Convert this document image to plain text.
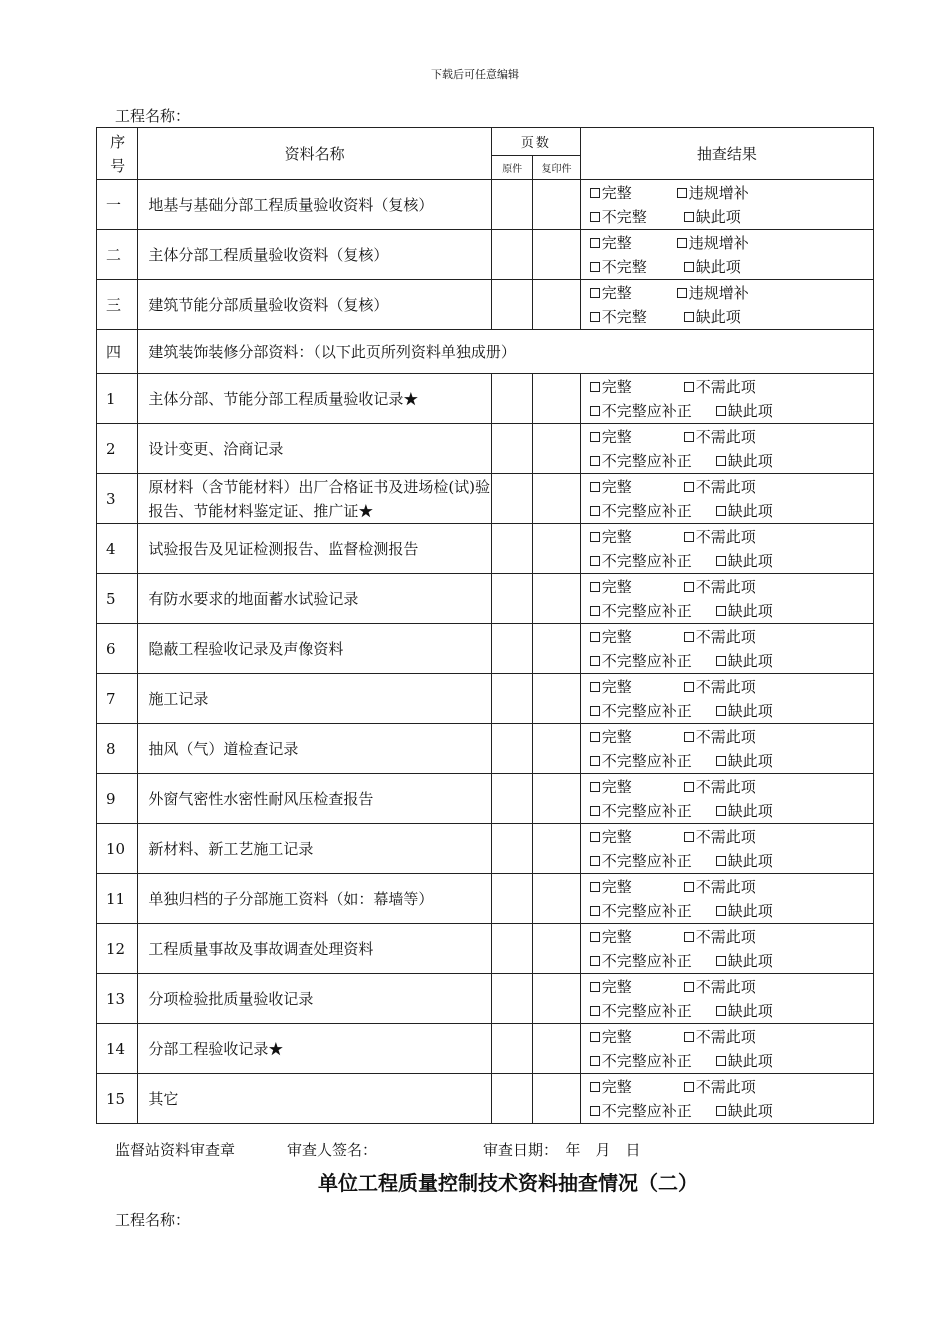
下载后可任意编辑
工程名称：
序号	资料名称	页数		抽查结果
		原件	复印件	
一	地基与基础分部工程质量验收资料（复核）			完整 违规增补
不完整 缺此项

二	主体分部工程质量验收资料（复核）			完整 违规增补
不完整 缺此项

三	建筑节能分部质量验收资料（复核）			完整 违规增补
不完整 缺此项

四	建筑装饰装修分部资料：（以下此页所列资料单独成册）			
1	主体分部、节能分部工程质量验收记录★			完整 不需此项
不完整应补正 缺此项

2	设计变更、洽商记录			完整 不需此项
不完整应补正 缺此项

3	原材料（含节能材料）出厂合格证书及进场检(试)验报告、节能材料鉴定证、推广证★			完整 不需此项
不完整应补正 缺此项

4	试验报告及见证检测报告、监督检测报告			完整 不需此项
不完整应补正 缺此项

5	有防水要求的地面蓄水试验记录			完整 不需此项
不完整应补正 缺此项

6	隐蔽工程验收记录及声像资料			完整 不需此项
不完整应补正 缺此项

7	施工记录			完整 不需此项
不完整应补正 缺此项

8	抽风（气）道检查记录			完整 不需此项
不完整应补正 缺此项

9	外窗气密性水密性耐风压检查报告			完整 不需此项
不完整应补正 缺此项

10	新材料、新工艺施工记录			完整 不需此项
不完整应补正 缺此项

11	单独归档的子分部施工资料（如：幕墙等）			完整 不需此项
不完整应补正 缺此项

12	工程质量事故及事故调查处理资料			完整 不需此项
不完整应补正 缺此项

13	分项检验批质量验收记录			完整 不需此项
不完整应补正 缺此项

14	分部工程验收记录★			完整 不需此项
不完整应补正 缺此项

15	其它			完整 不需此项
不完整应补正 缺此项
监督站资料审查章	审查人签名：	审查日期：　年　月　日
单位工程质量控制技术资料抽查情况（二）
工程名称：
